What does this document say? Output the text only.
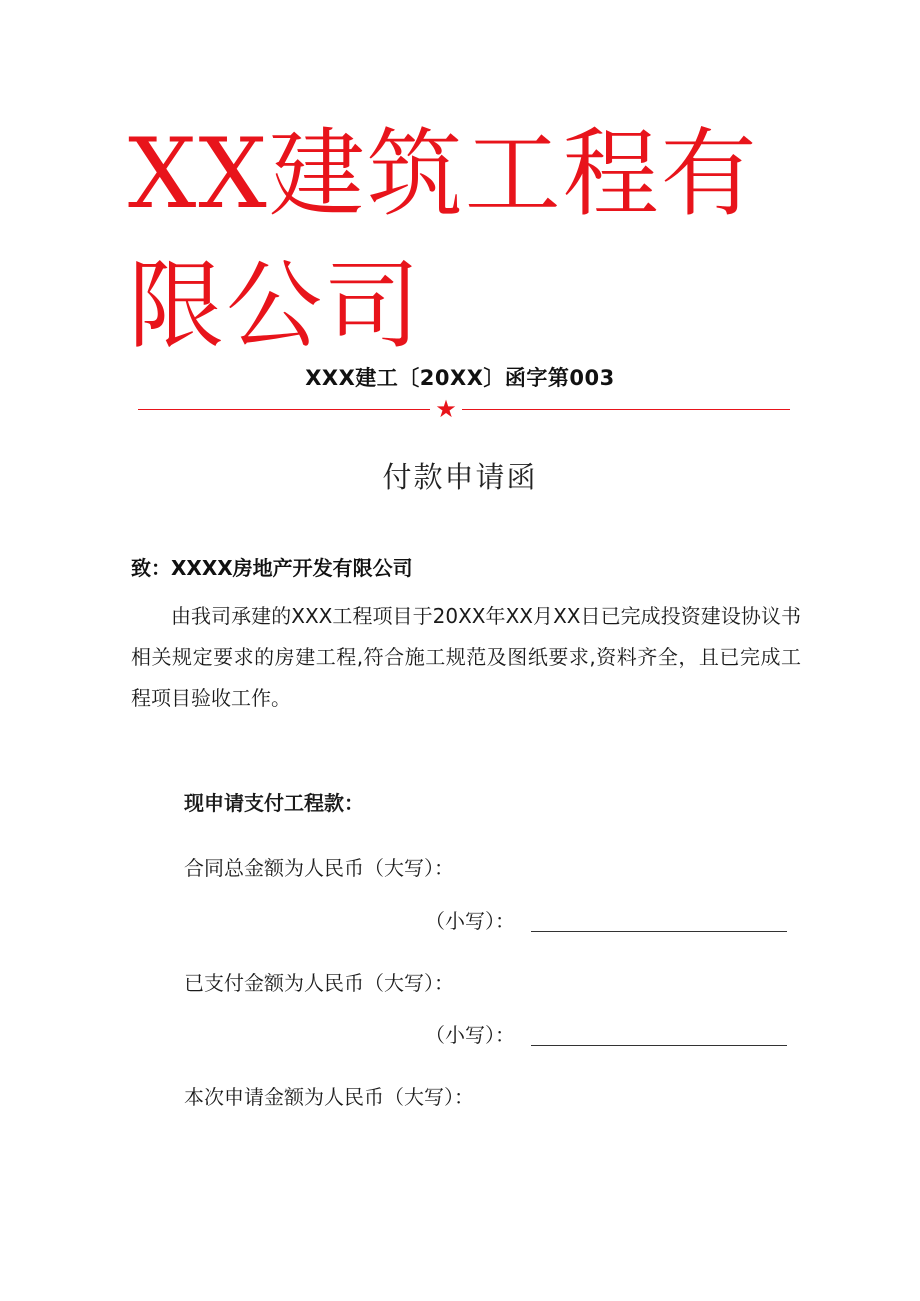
XX建筑工程有限公司
XXX建工〔20XX〕函字第003
★
付款申请函
致：XXXX房地产开发有限公司
由我司承建的XXX工程项目于20XX年XX月XX日已完成投资建设协议书相关规定要求的房建工程,符合施工规范及图纸要求,资料齐全，且已完成工程项目验收工作。
现申请支付工程款：
合同总金额为人民币（大写）：
（小写）：
已支付金额为人民币（大写）：
（小写）：
本次申请金额为人民币（大写）：
